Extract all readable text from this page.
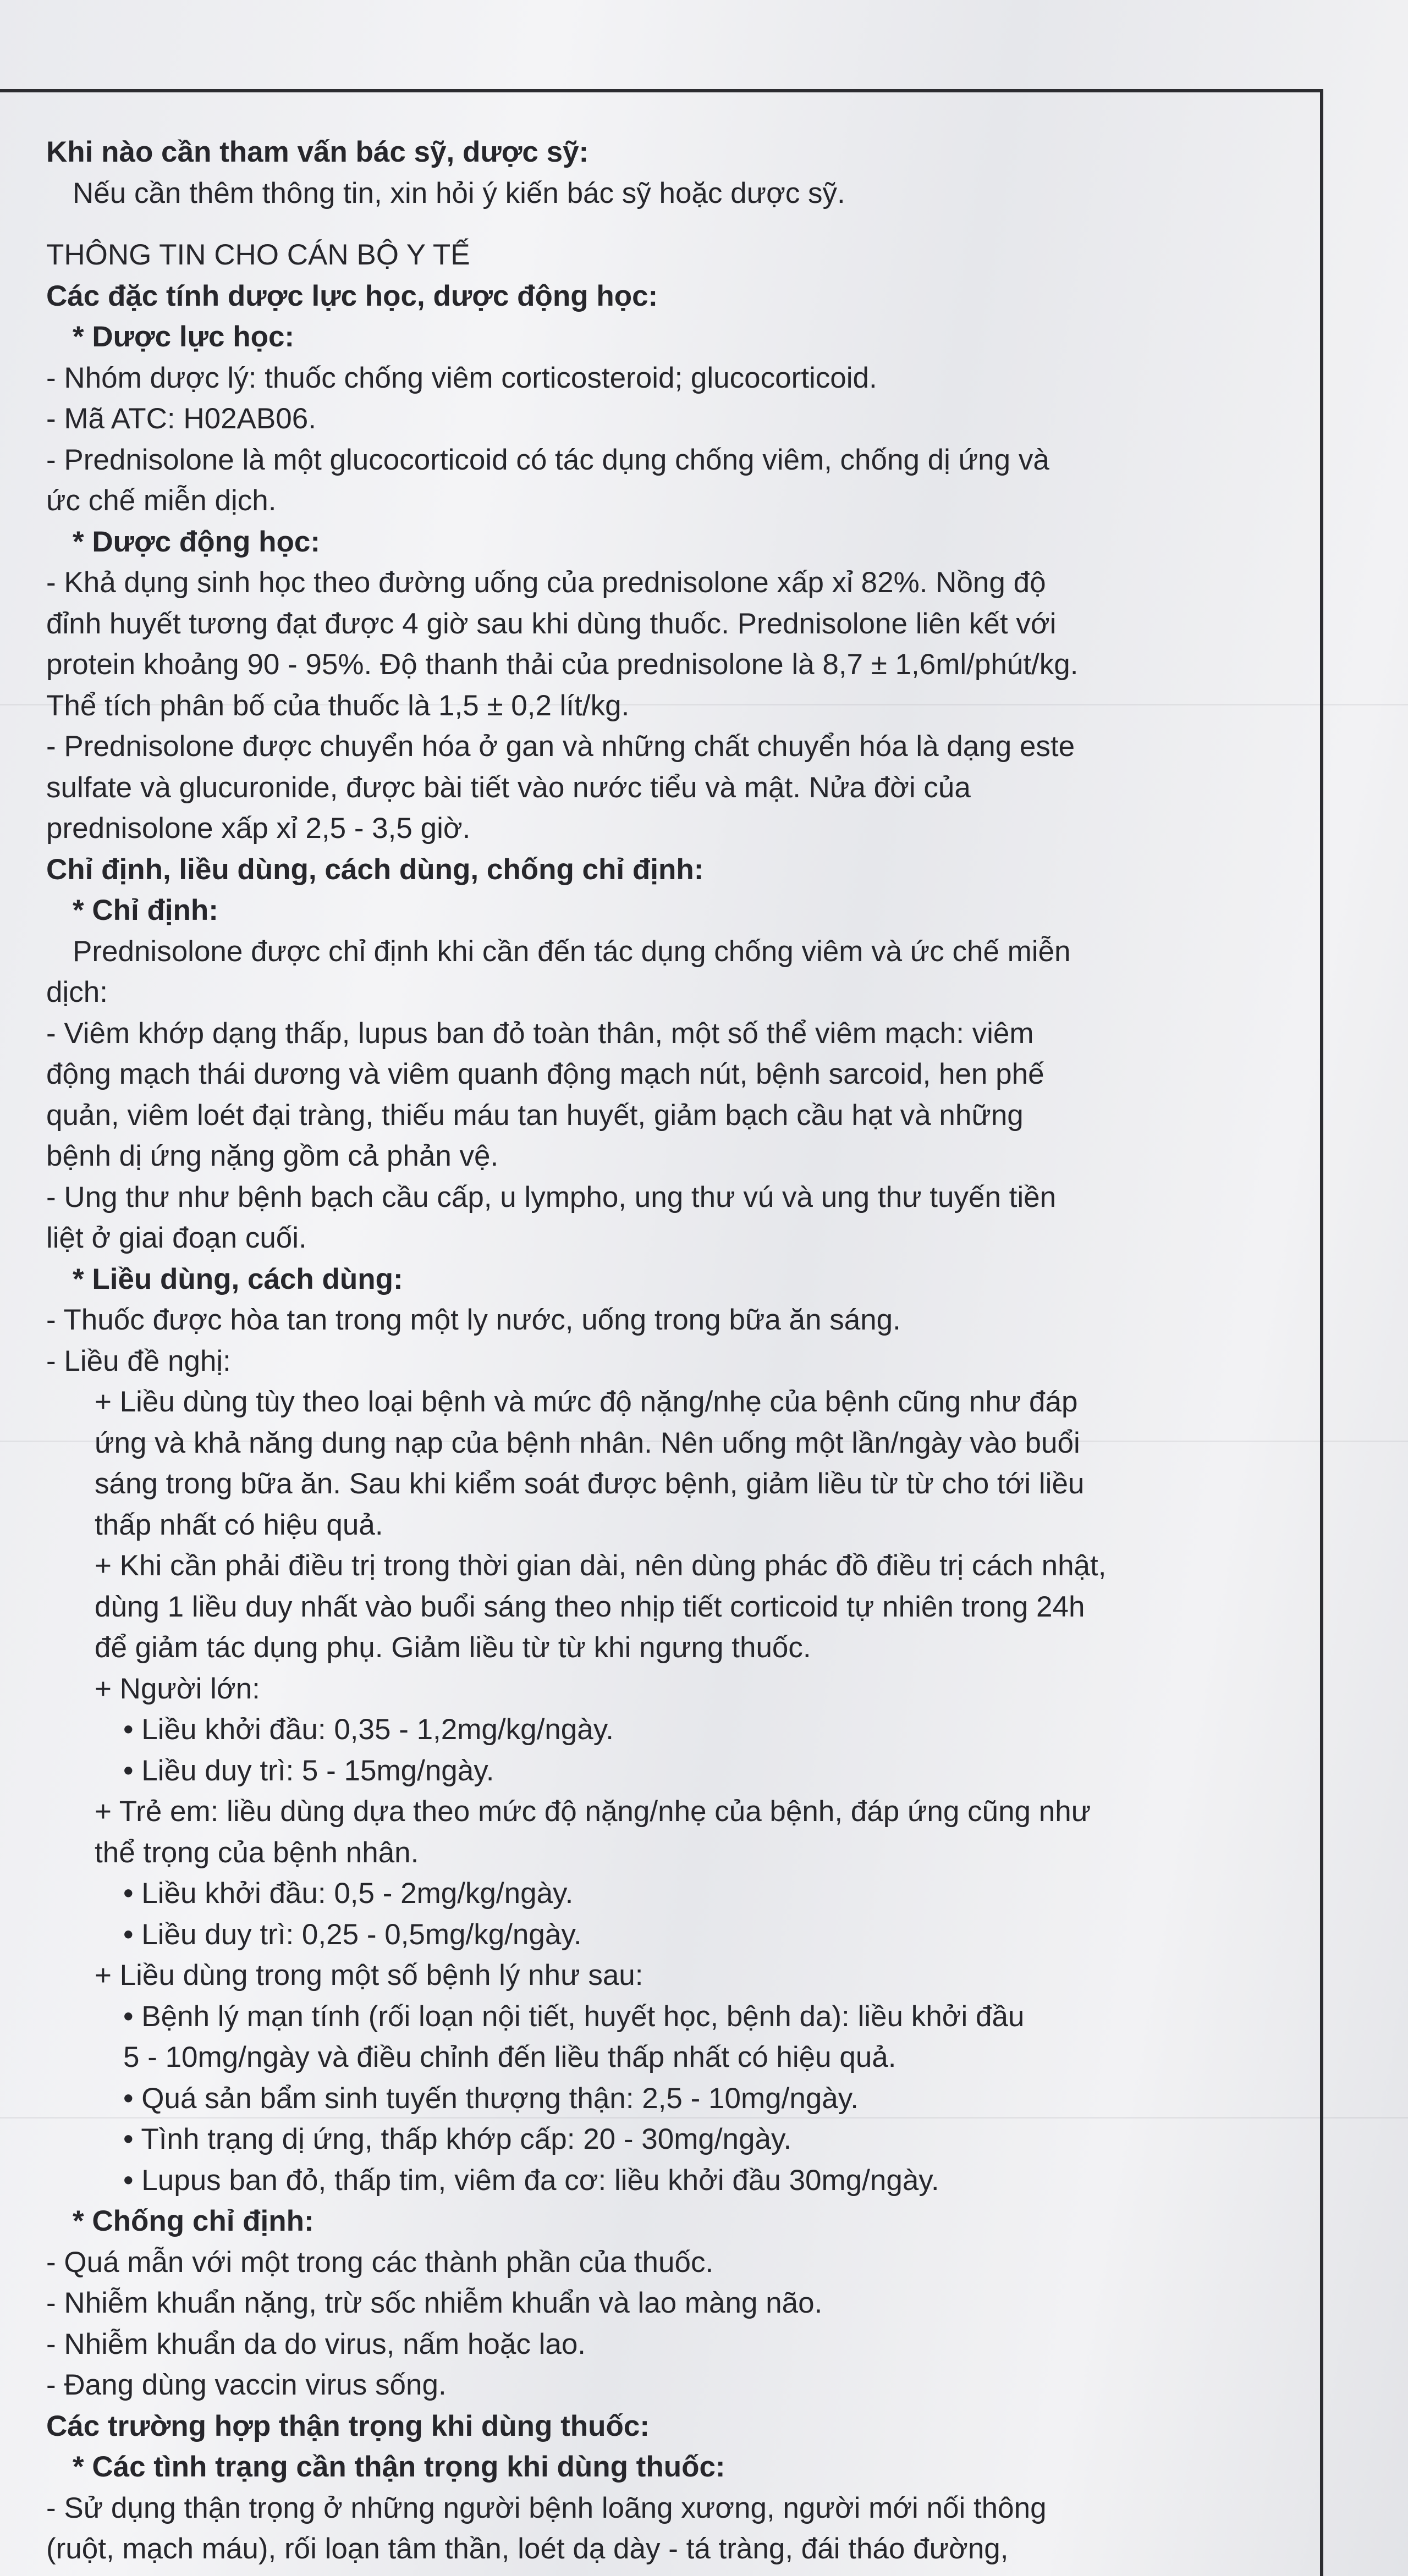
Khi nào cần tham vấn bác sỹ, dược sỹ:
Nếu cần thêm thông tin, xin hỏi ý kiến bác sỹ hoặc dược sỹ.
THÔNG TIN CHO CÁN BỘ Y TẾ
Các đặc tính dược lực học, dược động học:
* Dược lực học:
- Nhóm dược lý: thuốc chống viêm corticosteroid; glucocorticoid.
- Mã ATC: H02AB06.
- Prednisolone là một glucocorticoid có tác dụng chống viêm, chống dị ứng và
ức chế miễn dịch.
* Dược động học:
- Khả dụng sinh học theo đường uống của prednisolone xấp xỉ 82%. Nồng độ
đỉnh huyết tương đạt được 4 giờ sau khi dùng thuốc. Prednisolone liên kết với
protein khoảng 90 - 95%. Độ thanh thải của prednisolone là 8,7 ± 1,6ml/phút/kg.
Thể tích phân bố của thuốc là 1,5 ± 0,2 lít/kg.
- Prednisolone được chuyển hóa ở gan và những chất chuyển hóa là dạng este
sulfate và glucuronide, được bài tiết vào nước tiểu và mật. Nửa đời của
prednisolone xấp xỉ 2,5 - 3,5 giờ.
Chỉ định, liều dùng, cách dùng, chống chỉ định:
* Chỉ định:
Prednisolone được chỉ định khi cần đến tác dụng chống viêm và ức chế miễn
dịch:
- Viêm khớp dạng thấp, lupus ban đỏ toàn thân, một số thể viêm mạch: viêm
động mạch thái dương và viêm quanh động mạch nút, bệnh sarcoid, hen phế
quản, viêm loét đại tràng, thiếu máu tan huyết, giảm bạch cầu hạt và những
bệnh dị ứng nặng gồm cả phản vệ.
- Ung thư như bệnh bạch cầu cấp, u lympho, ung thư vú và ung thư tuyến tiền
liệt ở giai đoạn cuối.
* Liều dùng, cách dùng:
- Thuốc được hòa tan trong một ly nước, uống trong bữa ăn sáng.
- Liều đề nghị:
+ Liều dùng tùy theo loại bệnh và mức độ nặng/nhẹ của bệnh cũng như đáp
ứng và khả năng dung nạp của bệnh nhân. Nên uống một lần/ngày vào buổi
sáng trong bữa ăn. Sau khi kiểm soát được bệnh, giảm liều từ từ cho tới liều
thấp nhất có hiệu quả.
+ Khi cần phải điều trị trong thời gian dài, nên dùng phác đồ điều trị cách nhật,
dùng 1 liều duy nhất vào buổi sáng theo nhịp tiết corticoid tự nhiên trong 24h
để giảm tác dụng phụ. Giảm liều từ từ khi ngưng thuốc.
+ Người lớn:
• Liều khởi đầu: 0,35 - 1,2mg/kg/ngày.
• Liều duy trì: 5 - 15mg/ngày.
+ Trẻ em: liều dùng dựa theo mức độ nặng/nhẹ của bệnh, đáp ứng cũng như
thể trọng của bệnh nhân.
• Liều khởi đầu: 0,5 - 2mg/kg/ngày.
• Liều duy trì: 0,25 - 0,5mg/kg/ngày.
+ Liều dùng trong một số bệnh lý như sau:
• Bệnh lý mạn tính (rối loạn nội tiết, huyết học, bệnh da): liều khởi đầu
5 - 10mg/ngày và điều chỉnh đến liều thấp nhất có hiệu quả.
• Quá sản bẩm sinh tuyến thượng thận: 2,5 - 10mg/ngày.
• Tình trạng dị ứng, thấp khớp cấp: 20 - 30mg/ngày.
• Lupus ban đỏ, thấp tim, viêm đa cơ: liều khởi đầu 30mg/ngày.
* Chống chỉ định:
- Quá mẫn với một trong các thành phần của thuốc.
- Nhiễm khuẩn nặng, trừ sốc nhiễm khuẩn và lao màng não.
- Nhiễm khuẩn da do virus, nấm hoặc lao.
- Đang dùng vaccin virus sống.
Các trường hợp thận trọng khi dùng thuốc:
* Các tình trạng cần thận trọng khi dùng thuốc:
- Sử dụng thận trọng ở những người bệnh loãng xương, người mới nối thông
(ruột, mạch máu), rối loạn tâm thần, loét dạ dày - tá tràng, đái tháo đường,
